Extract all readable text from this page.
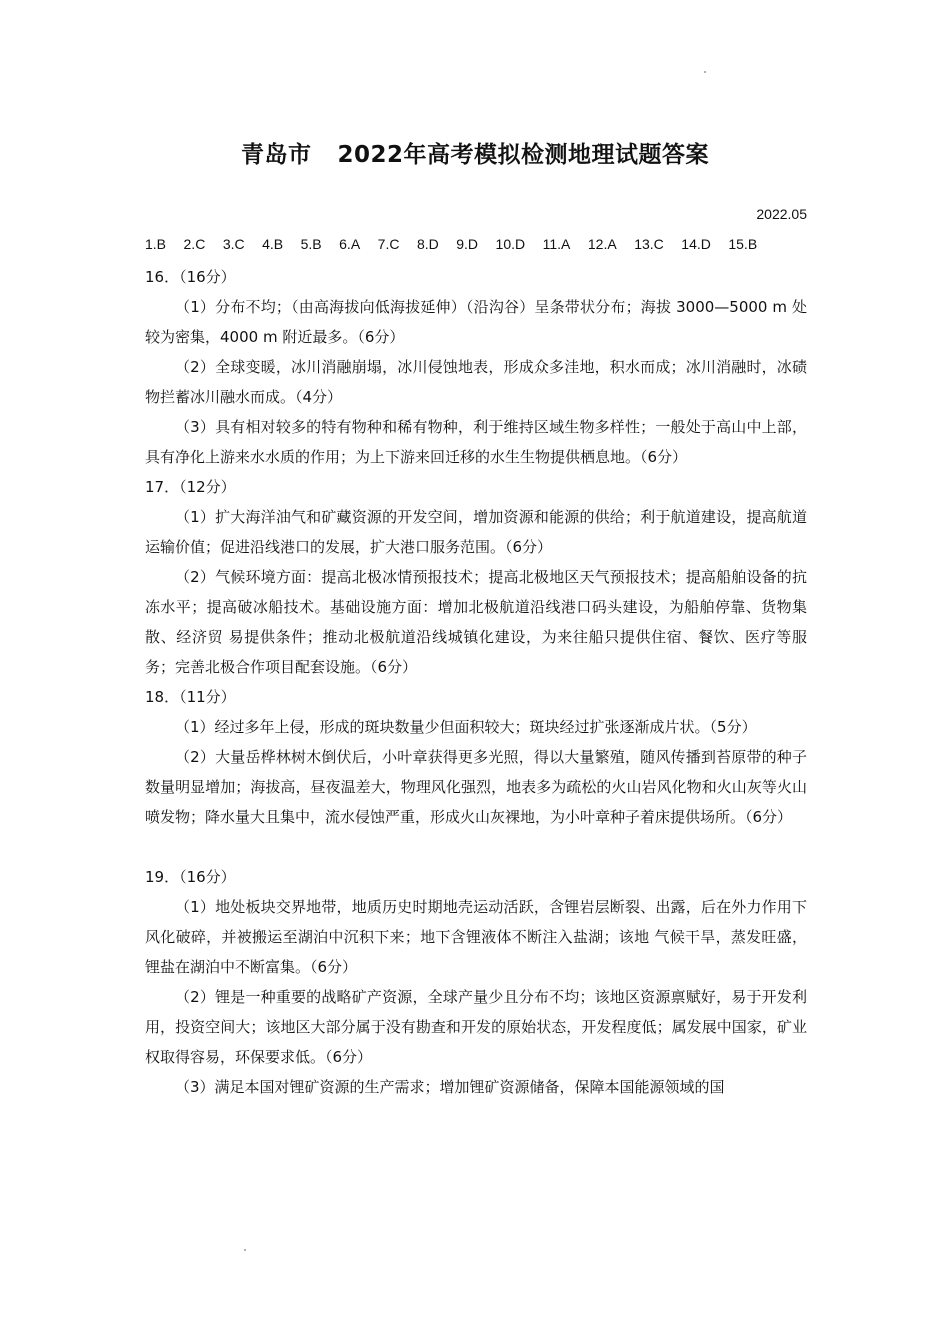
青岛市 2022年高考模拟检测地理试题答案
2022.05
1.B 2.C 3.C 4.B 5.B 6.A 7.C 8.D 9.D 10.D 11.A 12.A 13.C 14.D 15.B

16．（16分）

（1）分布不均；（由高海拔向低海拔延伸）（沿沟谷）呈条带状分布；海拔 3000—5000 m 处较为密集，4000 m 附近最多。（6分）

（2）全球变暖，冰川消融崩塌，冰川侵蚀地表，形成众多洼地，积水而成；冰川消融时，冰碛物拦蓄冰川融水而成。（4分）

（3）具有相对较多的特有物种和稀有物种，利于维持区域生物多样性；一般处于高山中上部，具有净化上游来水水质的作用；为上下游来回迁移的水生生物提供栖息地。（6分）

17．（12分）

（1）扩大海洋油气和矿藏资源的开发空间，增加资源和能源的供给；利于航道建设，提高航道运输价值；促进沿线港口的发展，扩大港口服务范围。（6分）

（2）气候环境方面：提高北极冰情预报技术；提高北极地区天气预报技术；提高船舶设备的抗冻水平；提高破冰船技术。基础设施方面：增加北极航道沿线港口码头建设，为船舶停靠、货物集散、经济贸 易提供条件；推动北极航道沿线城镇化建设，为来往船只提供住宿、餐饮、医疗等服务；完善北极合作项目配套设施。（6分）

18．（11分）

（1）经过多年上侵，形成的斑块数量少但面积较大；斑块经过扩张逐渐成片状。（5分）

（2）大量岳桦林树木倒伏后，小叶章获得更多光照，得以大量繁殖，随风传播到苔原带的种子数量明显增加；海拔高，昼夜温差大，物理风化强烈，地表多为疏松的火山岩风化物和火山灰等火山喷发物；降水量大且集中，流水侵蚀严重，形成火山灰裸地，为小叶章种子着床提供场所。（6分）

19．（16分）

（1）地处板块交界地带，地质历史时期地壳运动活跃，含锂岩层断裂、出露，后在外力作用下风化破碎，并被搬运至湖泊中沉积下来；地下含锂液体不断注入盐湖；该地 气候干旱，蒸发旺盛，锂盐在湖泊中不断富集。（6分）

（2）锂是一种重要的战略矿产资源，全球产量少且分布不均；该地区资源禀赋好，易于开发利用，投资空间大；该地区大部分属于没有勘查和开发的原始状态，开发程度低；属发展中国家，矿业权取得容易，环保要求低。（6分）

（3）满足本国对锂矿资源的生产需求；增加锂矿资源储备，保障本国能源领域的国
